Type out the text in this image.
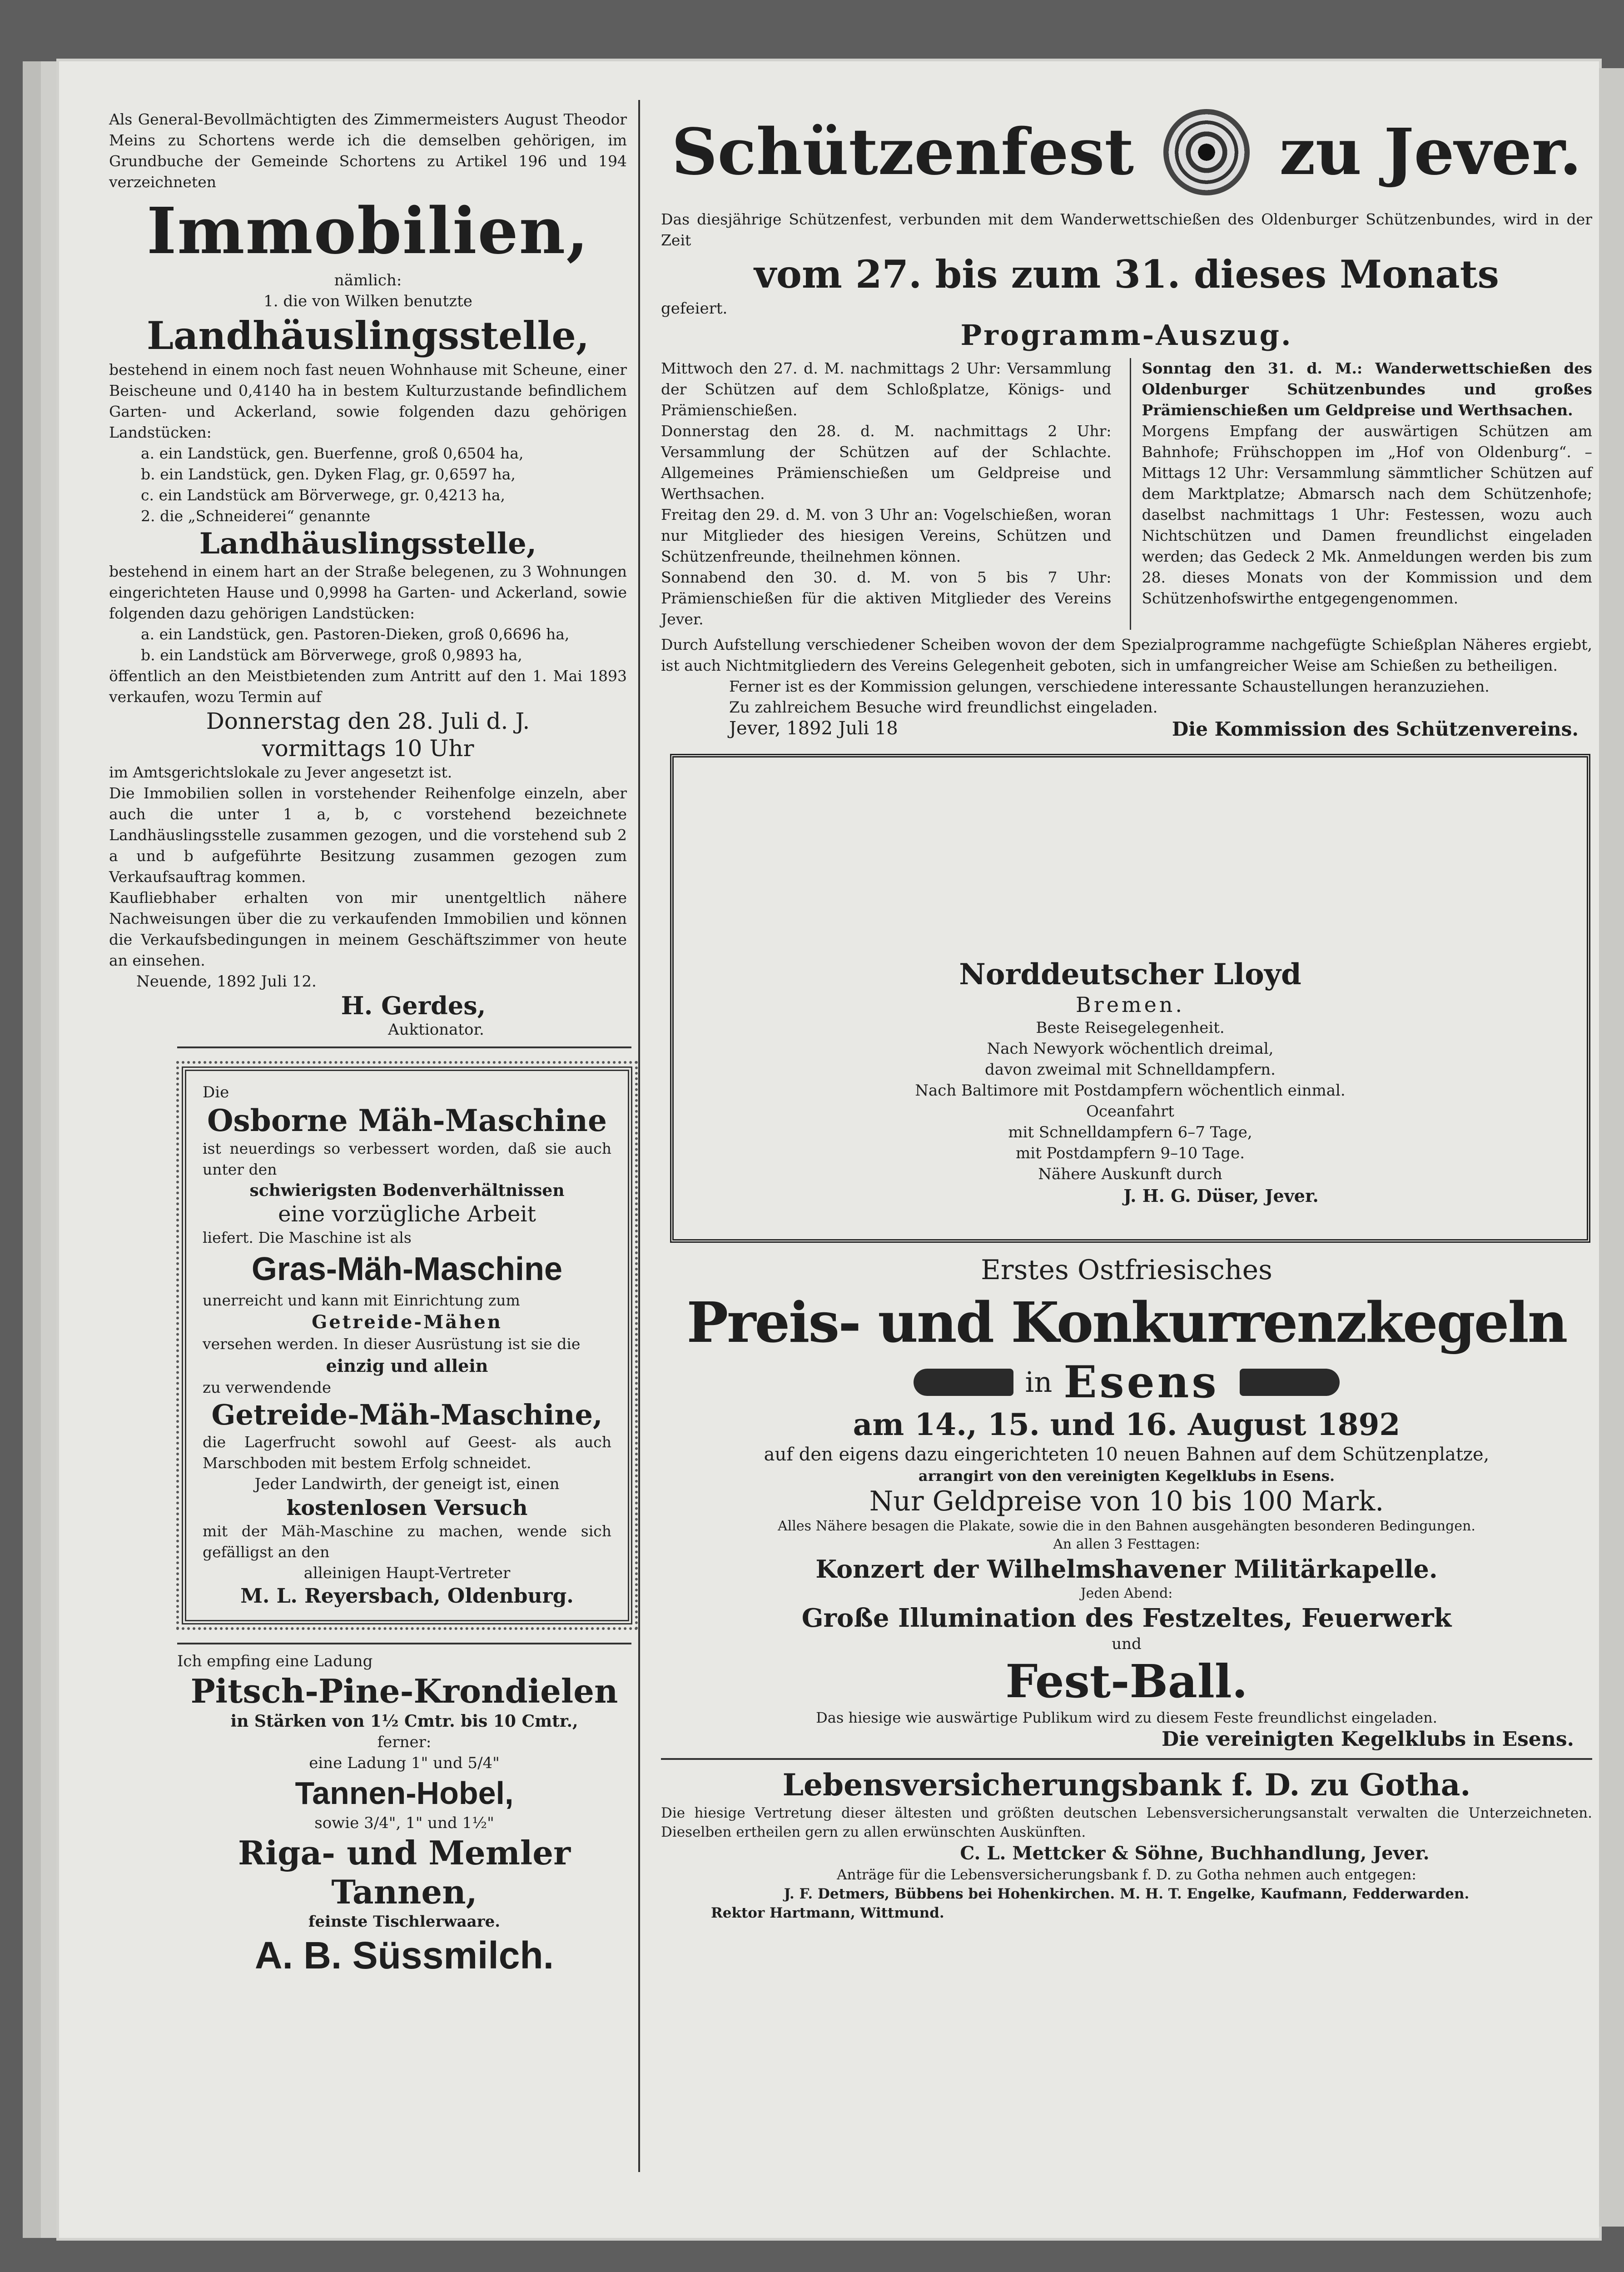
Als General-Bevollmächtigten des Zimmermeisters August Theodor Meins zu Schortens werde ich die demselben gehörigen, im Grundbuche der Gemeinde Schortens zu Artikel 196 und 194 verzeichneten

Immobilien,

nämlich:

1. die von Wilken benutzte

Landhäuslingsstelle,

bestehend in einem noch fast neuen Wohnhause mit Scheune, einer Beischeune und 0,4140 ha in bestem Kulturzustande befindlichem Garten- und Ackerland, sowie folgenden dazu gehörigen Landstücken:

a. ein Landstück, gen. Buerfenne, groß 0,6504 ha,

b. ein Landstück, gen. Dyken Flag, gr. 0,6597 ha,

c. ein Landstück am Börverwege, gr. 0,4213 ha,

2. die „Schneiderei“ genannte

Landhäuslingsstelle,

bestehend in einem hart an der Straße belegenen, zu 3 Wohnungen eingerichteten Hause und 0,9998 ha Garten- und Ackerland, sowie folgenden dazu gehörigen Landstücken:

a. ein Landstück, gen. Pastoren-Dieken, groß 0,6696 ha,

b. ein Landstück am Börverwege, groß 0,9893 ha,

öffentlich an den Meistbietenden zum Antritt auf den 1. Mai 1893 verkaufen, wozu Termin auf

Donnerstag den 28. Juli d. J.

vormittags 10 Uhr

im Amtsgerichtslokale zu Jever angesetzt ist.

Die Immobilien sollen in vorstehender Reihenfolge einzeln, aber auch die unter 1 a, b, c vorstehend bezeichnete Landhäuslingsstelle zusammen gezogen, und die vorstehend sub 2 a und b aufgeführte Besitzung zusammen gezogen zum Verkaufsauftrag kommen.

Kaufliebhaber erhalten von mir unentgeltlich nähere Nachweisungen über die zu verkaufenden Immobilien und können die Verkaufsbedingungen in meinem Geschäftszimmer von heute an einsehen.

Neuende, 1892 Juli 12.

H. Gerdes,

Auktionator.

Die

Osborne Mäh-Maschine

ist neuerdings so verbessert worden, daß sie auch unter den

schwierigsten Bodenverhältnissen

eine vorzügliche Arbeit

liefert. Die Maschine ist als

Gras-Mäh-Maschine

unerreicht und kann mit Einrichtung zum

Getreide-Mähen

versehen werden. In dieser Ausrüstung ist sie die

einzig und allein

zu verwendende

Getreide-Mäh-Maschine,

die Lagerfrucht sowohl auf Geest- als auch Marschboden mit bestem Erfolg schneidet.

Jeder Landwirth, der geneigt ist, einen

kostenlosen Versuch

mit der Mäh-Maschine zu machen, wende sich gefälligst an den

alleinigen Haupt-Vertreter

M. L. Reyersbach, Oldenburg.

Ich empfing eine Ladung

Pitsch-Pine-Krondielen

in Stärken von 1½ Cmtr. bis 10 Cmtr.,

ferner:

eine Ladung 1" und 5/4"

Tannen-Hobel,

sowie 3/4", 1" und 1½"

Riga- und Memler Tannen,

feinste Tischlerwaare.

A. B. Süssmilch.

Schützenfest zu Jever.

Das diesjährige Schützenfest, verbunden mit dem Wanderwettschießen des Oldenburger Schützenbundes, wird in der Zeit

vom 27. bis zum 31. dieses Monats

gefeiert.

Programm-Auszug.

Mittwoch den 27. d. M. nachmittags 2 Uhr: Versammlung der Schützen auf dem Schloßplatze, Königs- und Prämienschießen.

Donnerstag den 28. d. M. nachmittags 2 Uhr: Versammlung der Schützen auf der Schlachte. Allgemeines Prämienschießen um Geldpreise und Werthsachen.

Freitag den 29. d. M. von 3 Uhr an: Vogelschießen, woran nur Mitglieder des hiesigen Vereins, Schützen und Schützenfreunde, theilnehmen können.

Sonnabend den 30. d. M. von 5 bis 7 Uhr: Prämienschießen für die aktiven Mitglieder des Vereins Jever.

Sonntag den 31. d. M.: Wanderwettschießen des Oldenburger Schützenbundes und großes Prämienschießen um Geldpreise und Werthsachen.

Morgens Empfang der auswärtigen Schützen am Bahnhofe; Frühschoppen im „Hof von Oldenburg“. – Mittags 12 Uhr: Versammlung sämmtlicher Schützen auf dem Marktplatze; Abmarsch nach dem Schützenhofe; daselbst nachmittags 1 Uhr: Festessen, wozu auch Nichtschützen und Damen freundlichst eingeladen werden; das Gedeck 2 Mk. Anmeldungen werden bis zum 28. dieses Monats von der Kommission und dem Schützenhofswirthe entgegengenommen.

Durch Aufstellung verschiedener Scheiben wovon der dem Spezialprogramme nachgefügte Schießplan Näheres ergiebt, ist auch Nichtmitgliedern des Vereins Gelegenheit geboten, sich in umfangreicher Weise am Schießen zu betheiligen.

Ferner ist es der Kommission gelungen, verschiedene interessante Schaustellungen heranzuziehen.

Zu zahlreichem Besuche wird freundlichst eingeladen.

Jever, 1892 Juli 18	Die Kommission des Schützenvereins.

Norddeutscher Lloyd

Bremen.

Beste Reisegelegenheit.

Nach Newyork wöchentlich dreimal,

davon zweimal mit Schnelldampfern.

Nach Baltimore mit Postdampfern wöchentlich einmal.

Oceanfahrt

mit Schnelldampfern 6–7 Tage,

mit Postdampfern 9–10 Tage.

Nähere Auskunft durch

J. H. G. Düser, Jever.

Erstes Ostfriesisches

Preis- und Konkurrenzkegeln

in Esens

am 14., 15. und 16. August 1892

auf den eigens dazu eingerichteten 10 neuen Bahnen auf dem Schützenplatze,

arrangirt von den vereinigten Kegelklubs in Esens.

Nur Geldpreise von 10 bis 100 Mark.

Alles Nähere besagen die Plakate, sowie die in den Bahnen ausgehängten besonderen Bedingungen.

An allen 3 Festtagen:

Konzert der Wilhelmshavener Militärkapelle.

Jeden Abend:

Große Illumination des Festzeltes, Feuerwerk

und

Fest-Ball.

Das hiesige wie auswärtige Publikum wird zu diesem Feste freundlichst eingeladen.

Die vereinigten Kegelklubs in Esens.

Lebensversicherungsbank f. D. zu Gotha.

Die hiesige Vertretung dieser ältesten und größten deutschen Lebensversicherungsanstalt verwalten die Unterzeichneten. Dieselben ertheilen gern zu allen erwünschten Auskünften.

C. L. Mettcker & Söhne, Buchhandlung, Jever.

Anträge für die Lebensversicherungsbank f. D. zu Gotha nehmen auch entgegen:

J. F. Detmers, Bübbens bei Hohenkirchen. M. H. T. Engelke, Kaufmann, Fedderwarden.

Rektor Hartmann, Wittmund.
